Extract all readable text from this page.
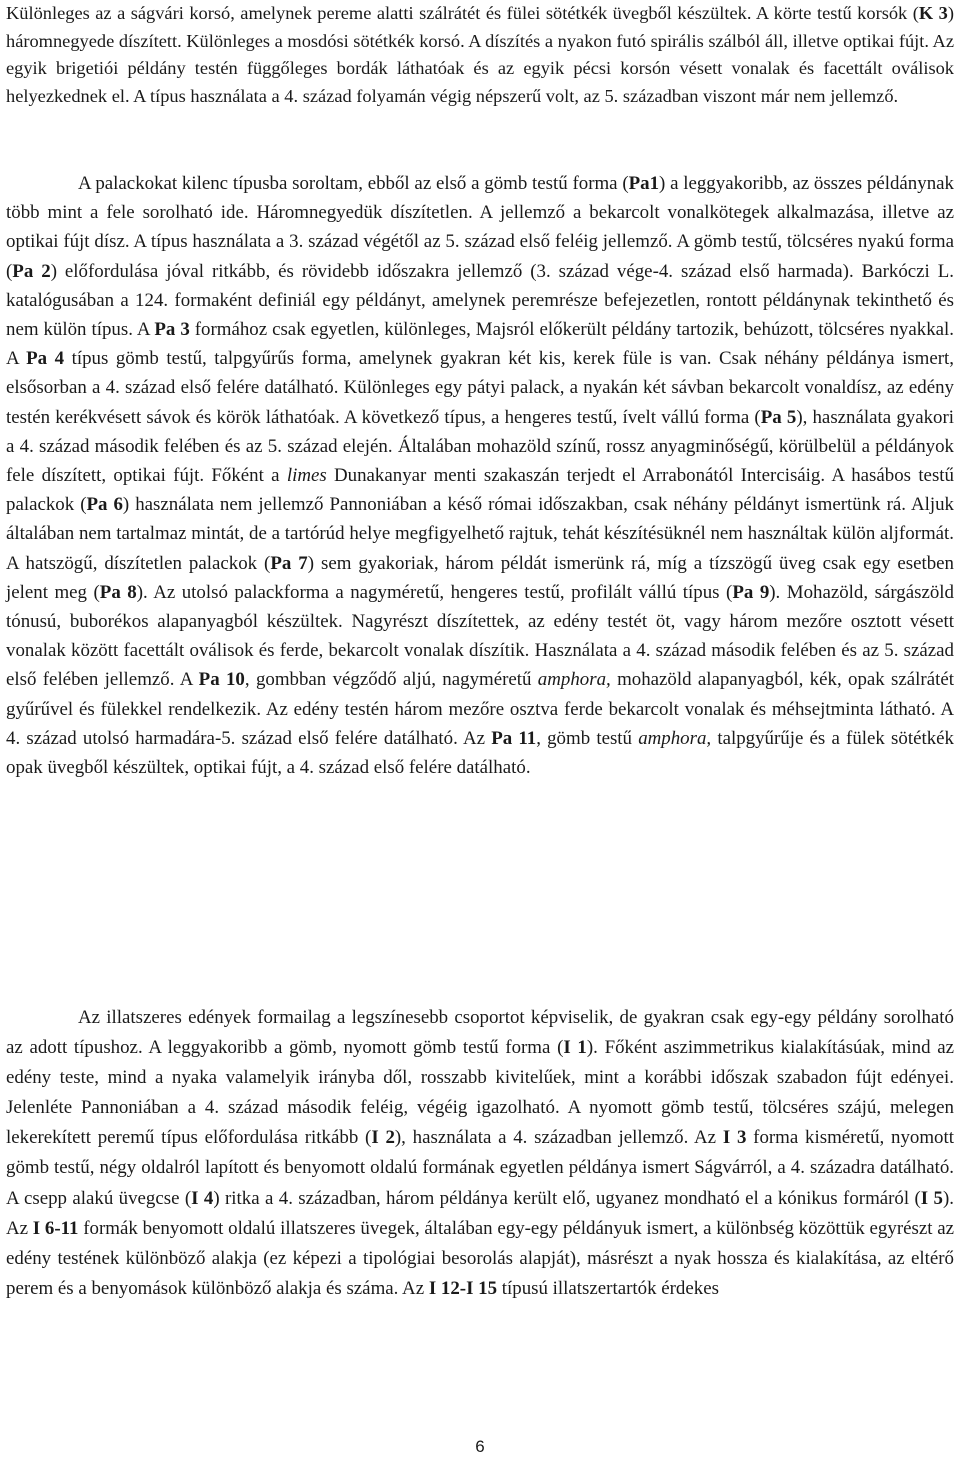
Különleges az a ságvári korsó, amelynek pereme alatti szálrátét és fülei sötétkék üvegből készültek. A körte testű korsók (K 3) háromnegyede díszített. Különleges a mosdósi sötétkék korsó. A díszítés a nyakon futó spirális szálból áll, illetve optikai fújt. Az egyik brigetiói példány testén függőleges bordák láthatóak és az egyik pécsi korsón vésett vonalak és facettált oválisok helyezkednek el. A típus használata a 4. század folyamán végig népszerű volt, az 5. században viszont már nem jellemző.

A palackokat kilenc típusba soroltam, ebből az első a gömb testű forma (Pa1) a leggyakoribb, az összes példánynak több mint a fele sorolható ide. Háromnegyedük díszítetlen. A jellemző a bekarcolt vonalkötegek alkalmazása, illetve az optikai fújt dísz. A típus használata a 3. század végétől az 5. század első feléig jellemző. A gömb testű, tölcséres nyakú forma (Pa 2) előfordulása jóval ritkább, és rövidebb időszakra jellemző (3. század vége-4. század első harmada). Barkóczi L. katalógusában a 124. formaként definiál egy példányt, amelynek peremrésze befejezetlen, rontott példánynak tekinthető és nem külön típus. A Pa 3 formához csak egyetlen, különleges, Majsról előkerült példány tartozik, behúzott, tölcséres nyakkal. A Pa 4 típus gömb testű, talpgyűrűs forma, amelynek gyakran két kis, kerek füle is van. Csak néhány példánya ismert, elsősorban a 4. század első felére datálható. Különleges egy pátyi palack, a nyakán két sávban bekarcolt vonaldísz, az edény testén kerékvésett sávok és körök láthatóak. A következő típus, a hengeres testű, ívelt vállú forma (Pa 5), használata gyakori a 4. század második felében és az 5. század elején. Általában mohazöld színű, rossz anyagminőségű, körülbelül a példányok fele díszített, optikai fújt. Főként a limes Dunakanyar menti szakaszán terjedt el Arrabonától Intercisáig. A hasábos testű palackok (Pa 6) használata nem jellemző Pannoniában a késő római időszakban, csak néhány példányt ismertünk rá. Aljuk általában nem tartalmaz mintát, de a tartórúd helye megfigyelhető rajtuk, tehát készítésüknél nem használtak külön aljformát. A hatszögű, díszítetlen palackok (Pa 7) sem gyakoriak, három példát ismerünk rá, míg a tízszögű üveg csak egy esetben jelent meg (Pa 8). Az utolsó palackforma a nagyméretű, hengeres testű, profilált vállú típus (Pa 9). Mohazöld, sárgászöld tónusú, buborékos alapanyagból készültek. Nagyrészt díszítettek, az edény testét öt, vagy három mezőre osztott vésett vonalak között facettált oválisok és ferde, bekarcolt vonalak díszítik. Használata a 4. század második felében és az 5. század első felében jellemző. A Pa 10, gombban végződő aljú, nagyméretű amphora, mohazöld alapanyagból, kék, opak szálrátét gyűrűvel és fülekkel rendelkezik. Az edény testén három mezőre osztva ferde bekarcolt vonalak és méhsejtminta látható. A 4. század utolsó harmadára-5. század első felére datálható. Az Pa 11, gömb testű amphora, talpgyűrűje és a fülek sötétkék opak üvegből készültek, optikai fújt, a 4. század első felére datálható.

Az illatszeres edények formailag a legszínesebb csoportot képviselik, de gyakran csak egy-egy példány sorolható az adott típushoz. A leggyakoribb a gömb, nyomott gömb testű forma (I 1). Főként aszimmetrikus kialakításúak, mind az edény teste, mind a nyaka valamelyik irányba dől, rosszabb kivitelűek, mint a korábbi időszak szabadon fújt edényei. Jelenléte Pannoniában a 4. század második feléig, végéig igazolható. A nyomott gömb testű, tölcséres szájú, melegen lekerekített peremű típus előfordulása ritkább (I 2), használata a 4. században jellemző. Az I 3 forma kisméretű, nyomott gömb testű, négy oldalról lapított és benyomott oldalú formának egyetlen példánya ismert Ságvárról, a 4. századra datálható. A csepp alakú üvegcse (I 4) ritka a 4. században, három példánya került elő, ugyanez mondható el a kónikus formáról (I 5). Az I 6-11 formák benyomott oldalú illatszeres üvegek, általában egy-egy példányuk ismert, a különbség közöttük egyrészt az edény testének különböző alakja (ez képezi a tipológiai besorolás alapját), másrészt a nyak hossza és kialakítása, az eltérő perem és a benyomások különböző alakja és száma. Az I 12-I 15 típusú illatszertartók érdekes

6
